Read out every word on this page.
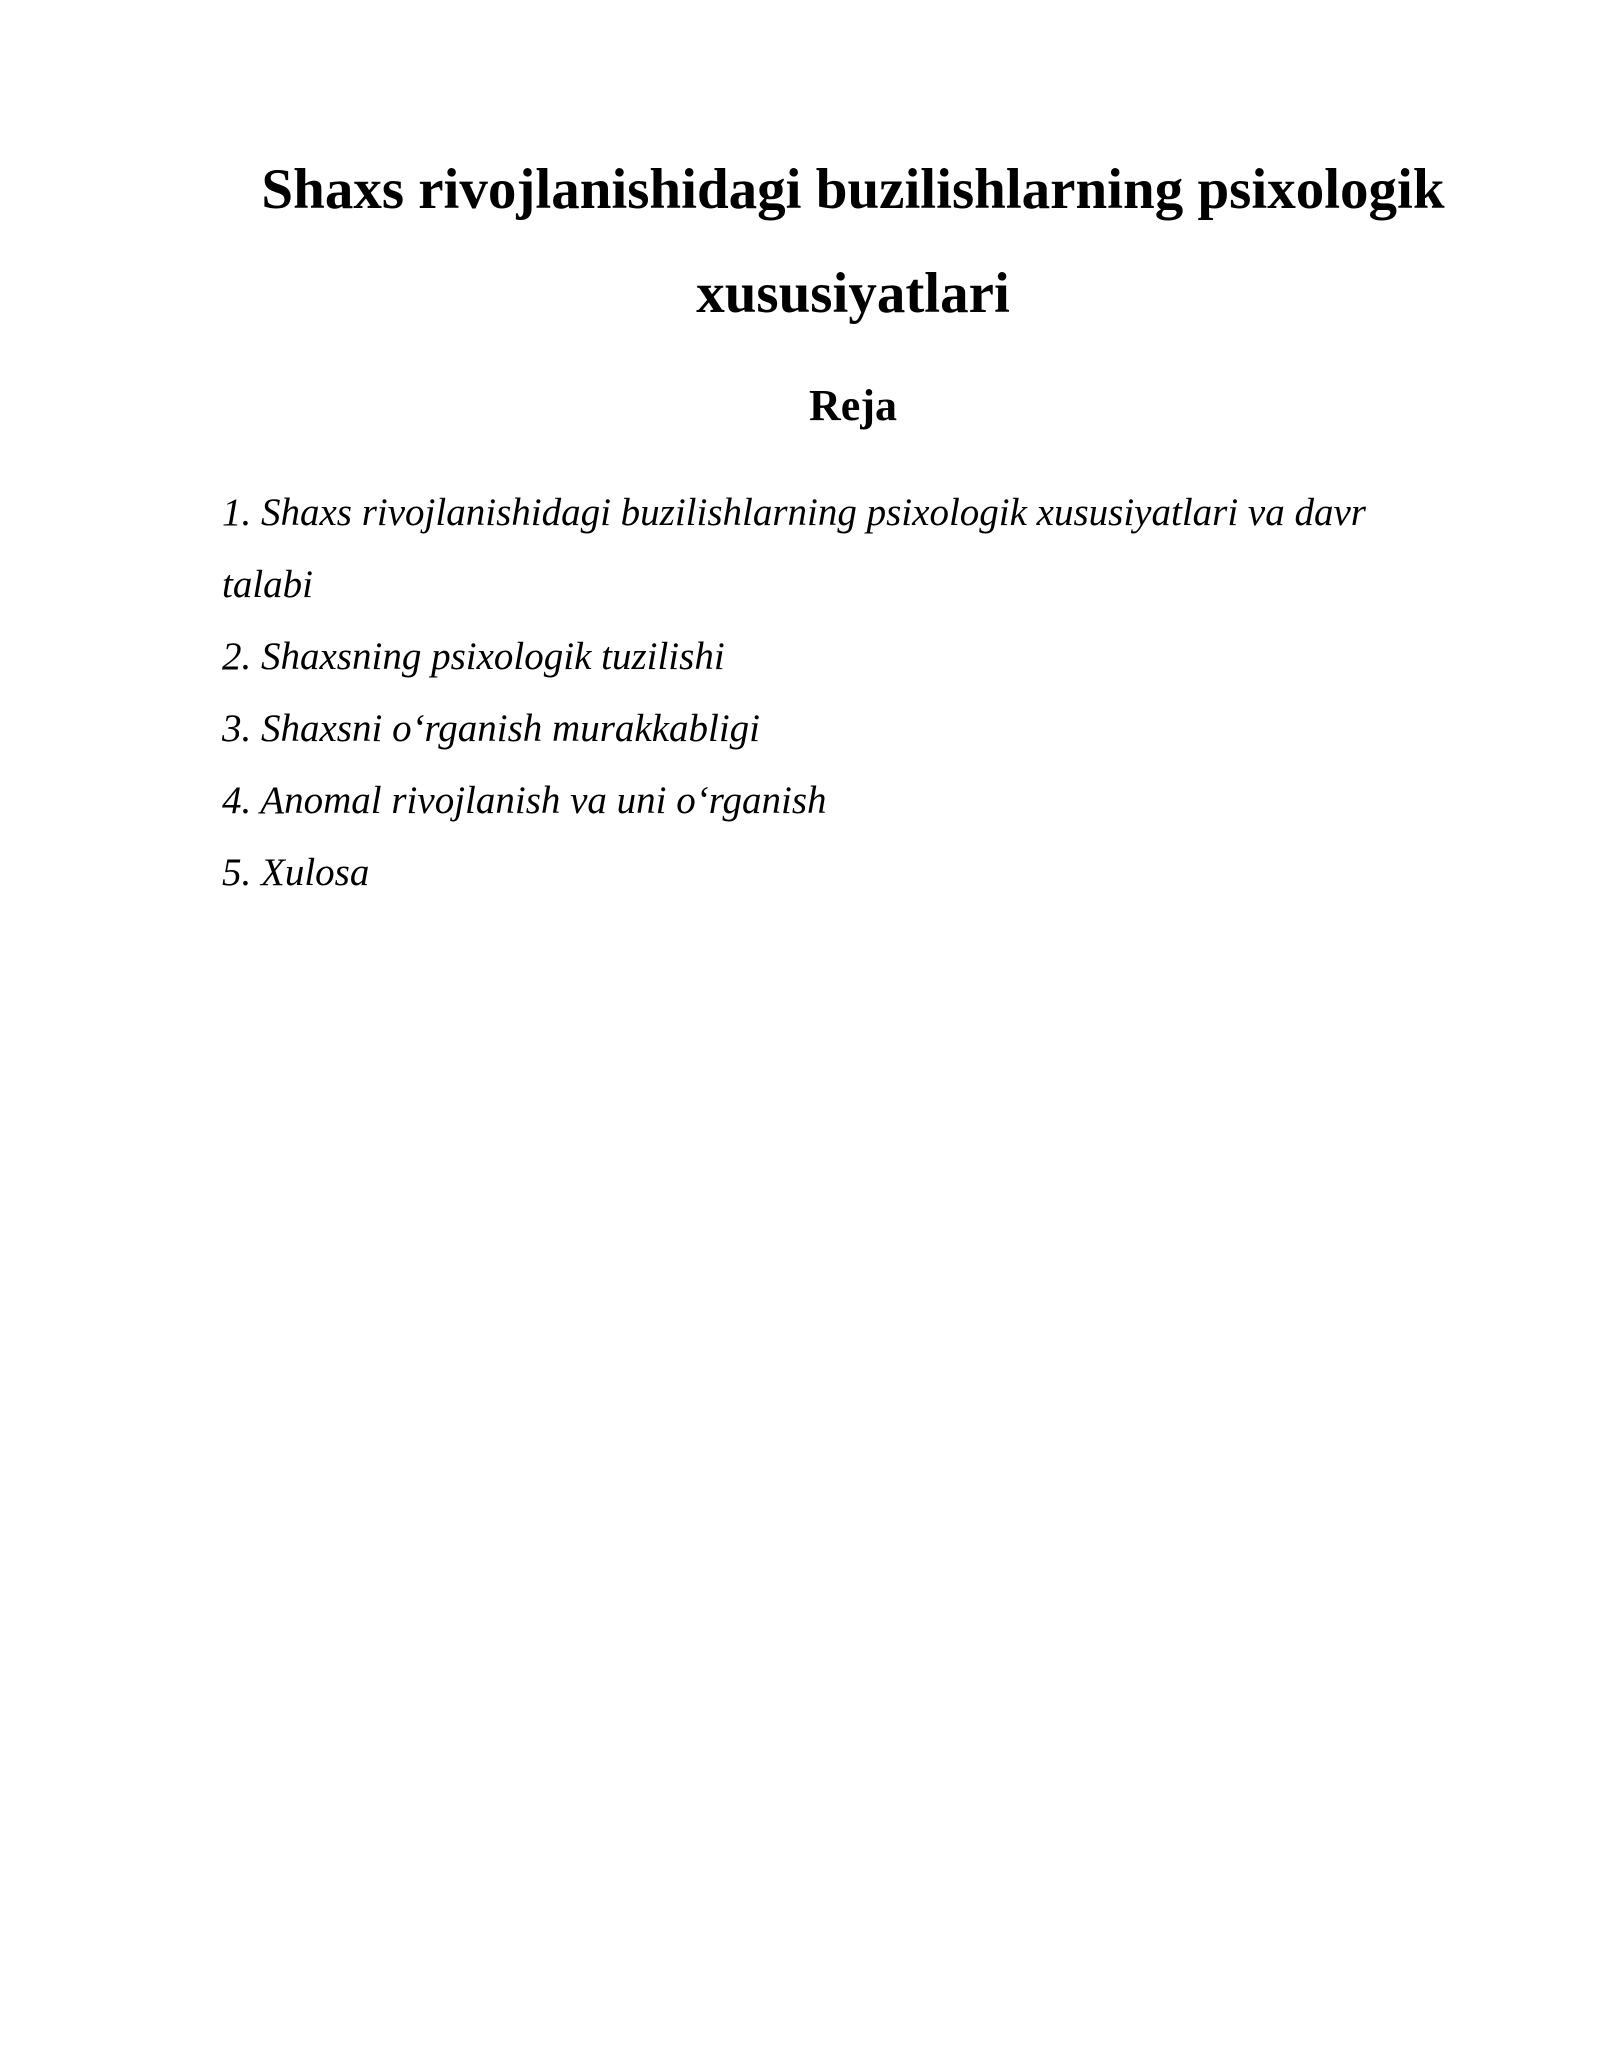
Shaxs rivojlanishidagi buzilishlarning psixologik xususiyatlari
Reja
1. Shaxs rivojlanishidagi buzilishlarning psixologik xususiyatlari va davr talabi
2. Shaxsning psixologik tuzilishi
3. Shaxsni o‘rganish murakkabligi
4. Anomal rivojlanish va uni o‘rganish
5. Xulosa
